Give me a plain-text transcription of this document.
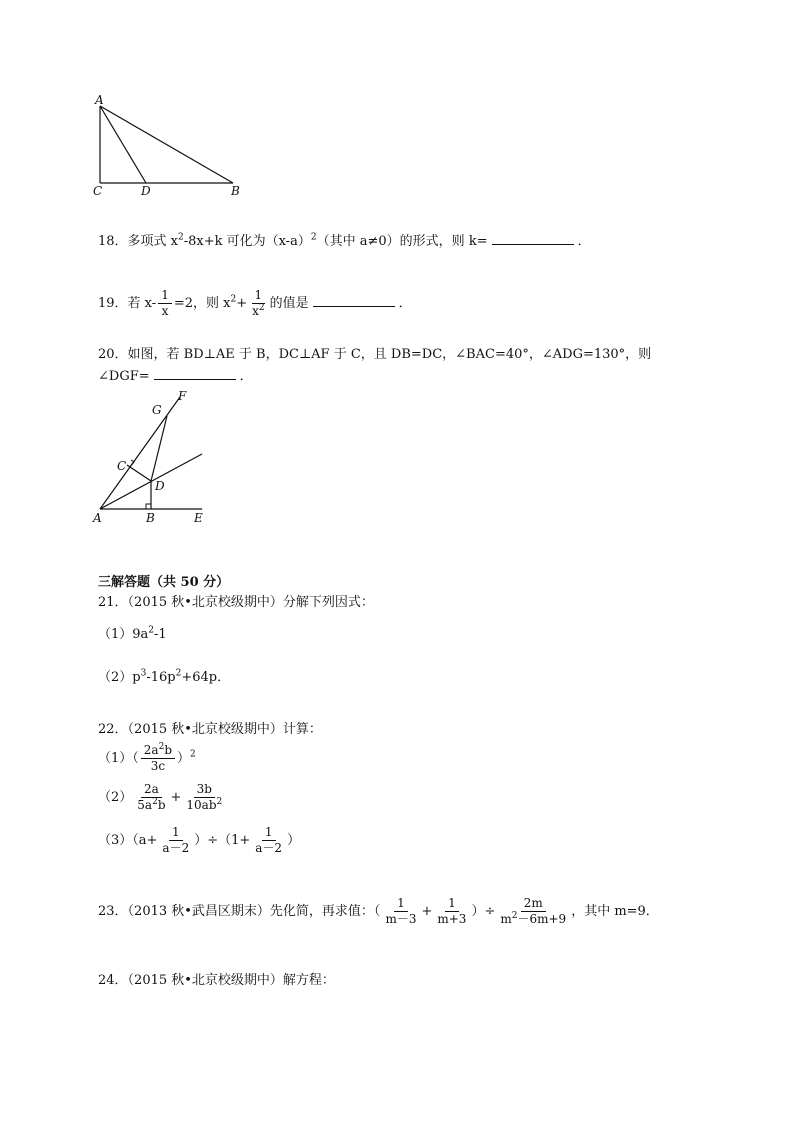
A
C	D	B
18．多项式 $x^2-8x+k$ 可化为$(x-a)^2$（其中 a≠0）的形式，则 k=	．
19．若 $x- \frac{1}{x} =2$，则 $x^2+ \frac{1}{x^2}$ 的值是	．
20．如图，若 BD⊥AE 于 B，DC⊥AF 于 C，且 DB=DC，∠BAC=40°，∠ADG=130°，则
∠DGF=	．
G
F
C
D
A	B	E
三解答题（共 50 分）
21．（2015 秋•北京校级期中）分解下列因式：
$(1)9a^2-1$
$(2)p^3-16p^2+64p$．
22．（2015 秋•北京校级期中）计算：
$(1)( \frac{2a^2b}{3c} )^2$
$(2) \frac{2a}{5a^2b} + \frac{3b}{10ab^2}$
$(3)(a+ \frac{1}{a-2} )\div(1+ \frac{1}{a-2}$ ）
23．（2013 秋•武昌区期末）先化简，再求值：（ $\frac{1}{m-3} + \frac{1}{m+3}$ ）÷ $\frac{2m}{m^2-6m+9}$ ，其中 m=9．
24．（2015 秋•北京校级期中）解方程：
